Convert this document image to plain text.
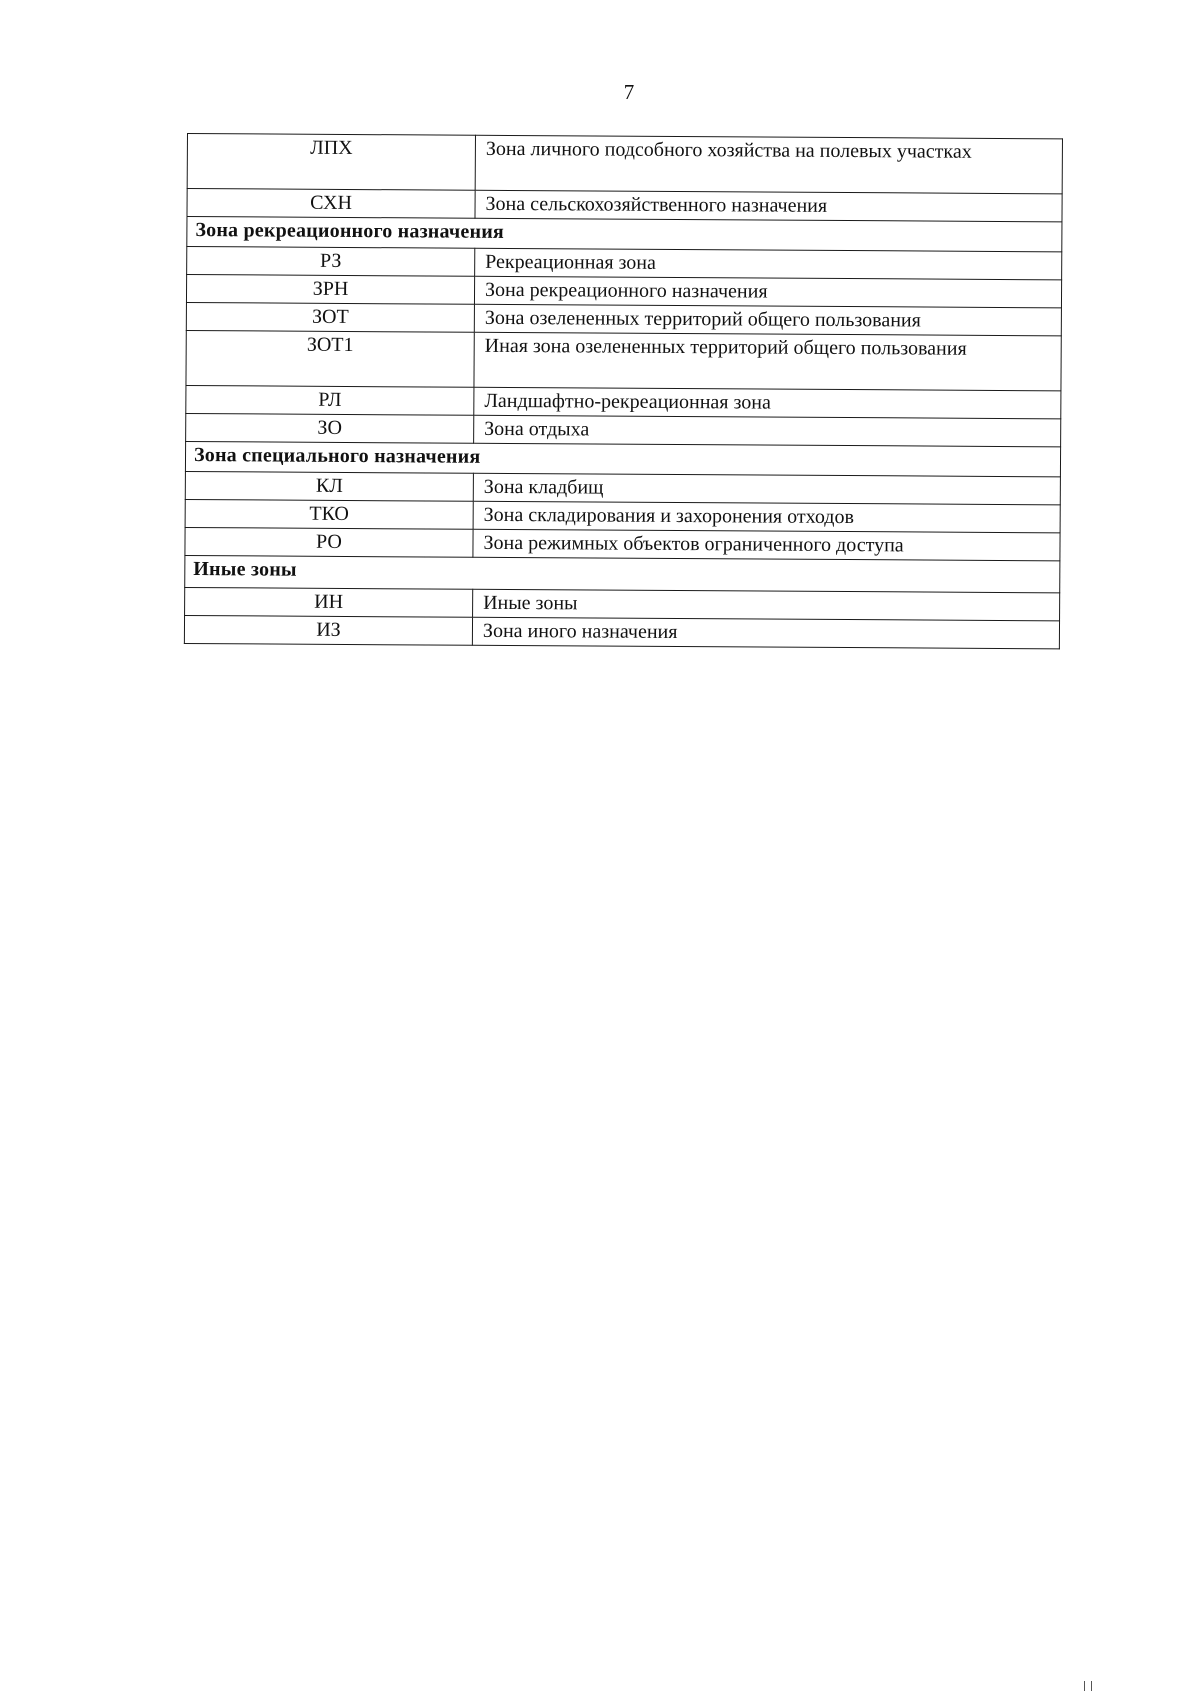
7
ЛПХ	Зона личного подсобного хозяйства на полевых участках
СХН	Зона сельскохозяйственного назначения
Зона рекреационного назначения	
РЗ	Рекреационная зона
ЗРН	Зона рекреационного назначения
ЗОТ	Зона озелененных территорий общего пользования
ЗОТ1	Иная зона озелененных территорий общего пользования
РЛ	Ландшафтно-рекреационная зона
ЗО	Зона отдыха
Зона специального назначения	
КЛ	Зона кладбищ
ТКО	Зона складирования и захоронения отходов
РО	Зона режимных объектов ограниченного доступа
Иные зоны	
ИН	Иные зоны
ИЗ	Зона иного назначения
